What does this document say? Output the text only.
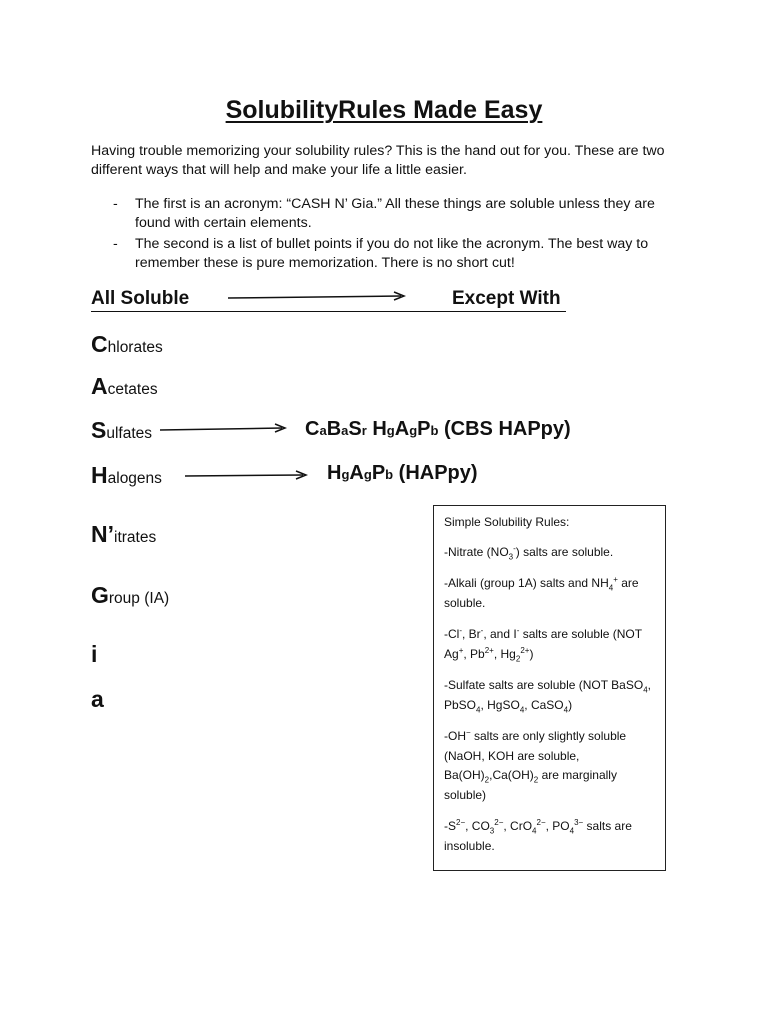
SolubilityRules Made Easy
Having trouble memorizing your solubility rules? This is the hand out for you. These are two different ways that will help and make your life a little easier.
- The first is an acronym: “CASH N’ Gia.” All these things are soluble unless they are found with certain elements.
- The second is a list of bullet points if you do not like the acronym. The best way to remember these is pure memorization. There is no short cut!
All Soluble	Except With
Chlorates
Acetates
Sulfates
Halogens
N’itrates
Group (IA)
i
a
CaBaSr HgAgPb (CBS HAPpy)
HgAgPb (HAPpy)

Simple Solubility Rules:

-Nitrate $(NO_3^-)$ salts are soluble.

-Alkali (group 1A) salts and $NH_4^+$ are soluble.

-Cl-, Br-, and I- salts are soluble (NOT Ag+, $Pb^{2+}$, $Hg_2^{2+}$)

-Sulfate salts are soluble (NOT BaSO$_4$, PbSO$_4$, HgSO$_4$, CaSO$_4$)

-OH− salts are only slightly soluble (NaOH, KOH are soluble, $Ba(OH)_2,Ca(OH)_2$ are marginally soluble)

$-S^{2-}$, $CO_3^{2-}$, CrO$_4^{2-}$, $PO_4^{3-}$ salts are insoluble.
